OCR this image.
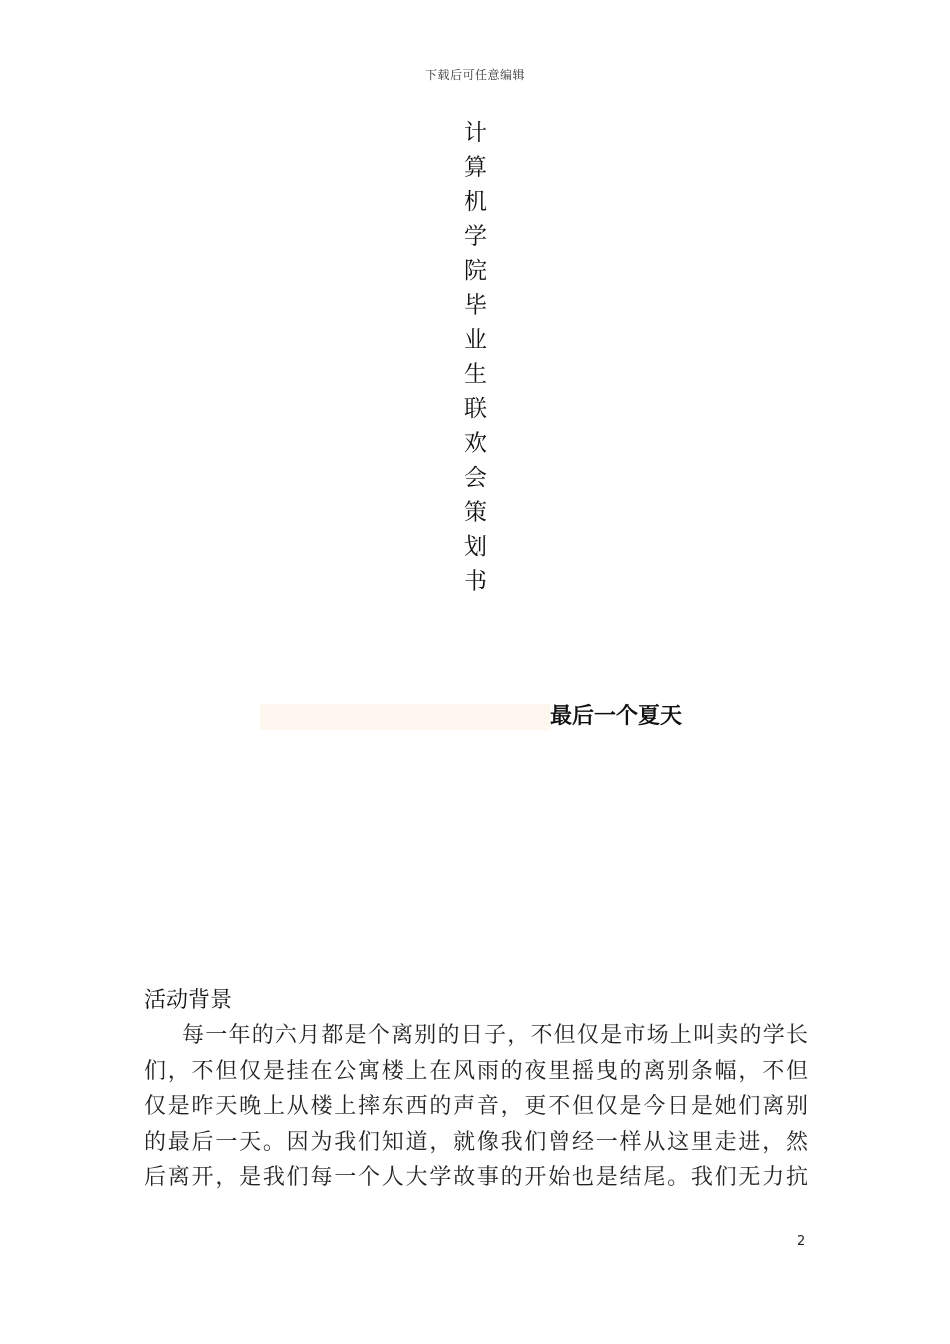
下载后可任意编辑
计算机学院毕业生联欢会策划书
最后一个夏天
活动背景
每一年的六月都是个离别的日子，不但仅是市场上叫卖的学长
们，不但仅是挂在公寓楼上在风雨的夜里摇曳的离别条幅，不但
仅是昨天晚上从楼上摔东西的声音，更不但仅是今日是她们离别
的最后一天。因为我们知道，就像我们曾经一样从这里走进，然
后离开，是我们每一个人大学故事的开始也是结尾。我们无力抗
2
